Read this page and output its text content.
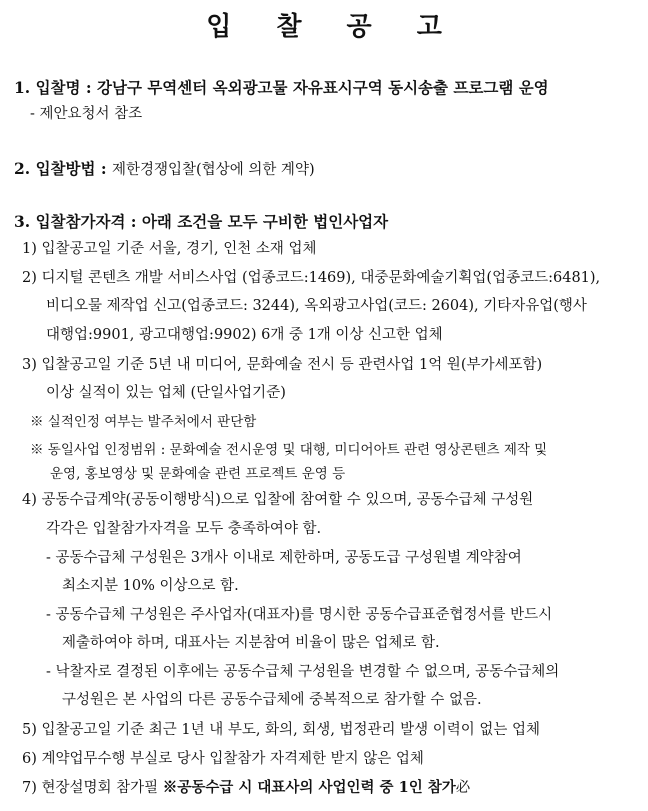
입 찰 공 고
1. 입찰명 : 강남구 무역센터 옥외광고물 자유표시구역 동시송출 프로그램 운영
- 제안요청서 참조
2. 입찰방법 : 제한경쟁입찰(협상에 의한 계약)
3. 입찰참가자격 : 아래 조건을 모두 구비한 법인사업자
1) 입찰공고일 기준 서울, 경기, 인천 소재 업체
2) 디지털 콘텐츠 개발 서비스사업 (업종코드:1469), 대중문화예술기획업(업종코드:6481),
비디오물 제작업 신고(업종코드: 3244), 옥외광고사업(코드: 2604), 기타자유업(행사
대행업:9901, 광고대행업:9902) 6개 중 1개 이상 신고한 업체
3) 입찰공고일 기준 5년 내 미디어, 문화예술 전시 등 관련사업 1억 원(부가세포함)
이상 실적이 있는 업체 (단일사업기준)
※ 실적인정 여부는 발주처에서 판단함
※ 동일사업 인정범위 : 문화예술 전시운영 및 대행, 미디어아트 관련 영상콘텐츠 제작 및
운영, 홍보영상 및 문화예술 관련 프로젝트 운영 등
4) 공동수급계약(공동이행방식)으로 입찰에 참여할 수 있으며, 공동수급체 구성원
각각은 입찰참가자격을 모두 충족하여야 함.
- 공동수급체 구성원은 3개사 이내로 제한하며, 공동도급 구성원별 계약참여
최소지분 10% 이상으로 함.
- 공동수급체 구성원은 주사업자(대표자)를 명시한 공동수급표준협정서를 반드시
제출하여야 하며, 대표사는 지분참여 비율이 많은 업체로 함.
- 낙찰자로 결정된 이후에는 공동수급체 구성원을 변경할 수 없으며, 공동수급체의
구성원은 본 사업의 다른 공동수급체에 중복적으로 참가할 수 없음.
5) 입찰공고일 기준 최근 1년 내 부도, 화의, 회생, 법정관리 발생 이력이 없는 업체
6) 계약업무수행 부실로 당사 입찰참가 자격제한 받지 않은 업체
7) 현장설명회 참가필 ※공동수급 시 대표사의 사업인력 중 1인 참가必
